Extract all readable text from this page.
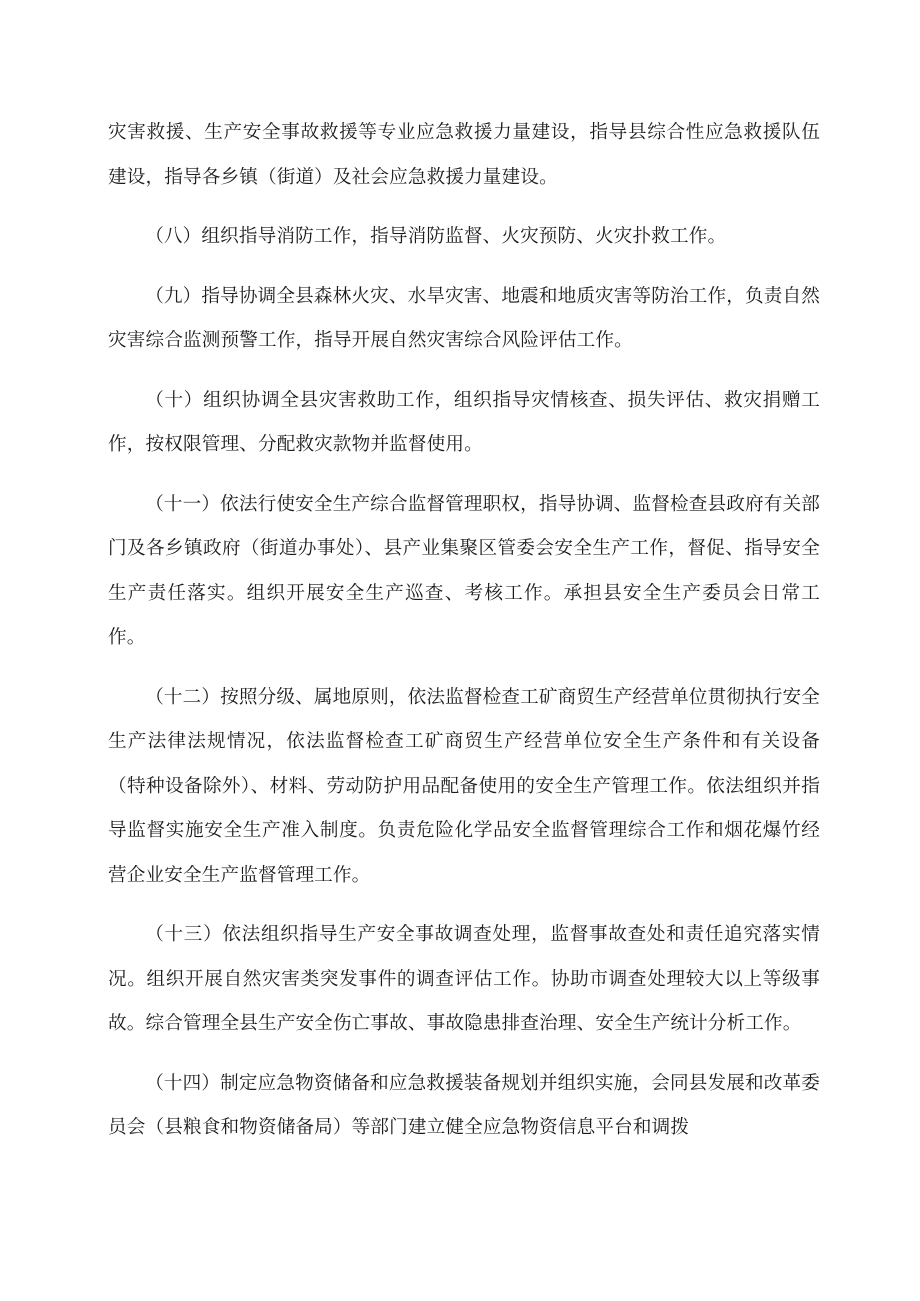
灾害救援、生产安全事故救援等专业应急救援力量建设，指导县综合性应急救援队伍建设，指导各乡镇（街道）及社会应急救援力量建设。

（八）组织指导消防工作，指导消防监督、火灾预防、火灾扑救工作。

（九）指导协调全县森林火灾、水旱灾害、地震和地质灾害等防治工作，负责自然灾害综合监测预警工作，指导开展自然灾害综合风险评估工作。

（十）组织协调全县灾害救助工作，组织指导灾情核查、损失评估、救灾捐赠工作，按权限管理、分配救灾款物并监督使用。

（十一）依法行使安全生产综合监督管理职权，指导协调、监督检查县政府有关部门及各乡镇政府（街道办事处）、县产业集聚区管委会安全生产工作，督促、指导安全生产责任落实。组织开展安全生产巡查、考核工作。承担县安全生产委员会日常工作。

（十二）按照分级、属地原则，依法监督检查工矿商贸生产经营单位贯彻执行安全生产法律法规情况，依法监督检查工矿商贸生产经营单位安全生产条件和有关设备（特种设备除外）、材料、劳动防护用品配备使用的安全生产管理工作。依法组织并指导监督实施安全生产准入制度。负责危险化学品安全监督管理综合工作和烟花爆竹经营企业安全生产监督管理工作。

（十三）依法组织指导生产安全事故调查处理，监督事故查处和责任追究落实情况。组织开展自然灾害类突发事件的调查评估工作。协助市调查处理较大以上等级事故。综合管理全县生产安全伤亡事故、事故隐患排查治理、安全生产统计分析工作。

（十四）制定应急物资储备和应急救援装备规划并组织实施，会同县发展和改革委员会（县粮食和物资储备局）等部门建立健全应急物资信息平台和调拨
